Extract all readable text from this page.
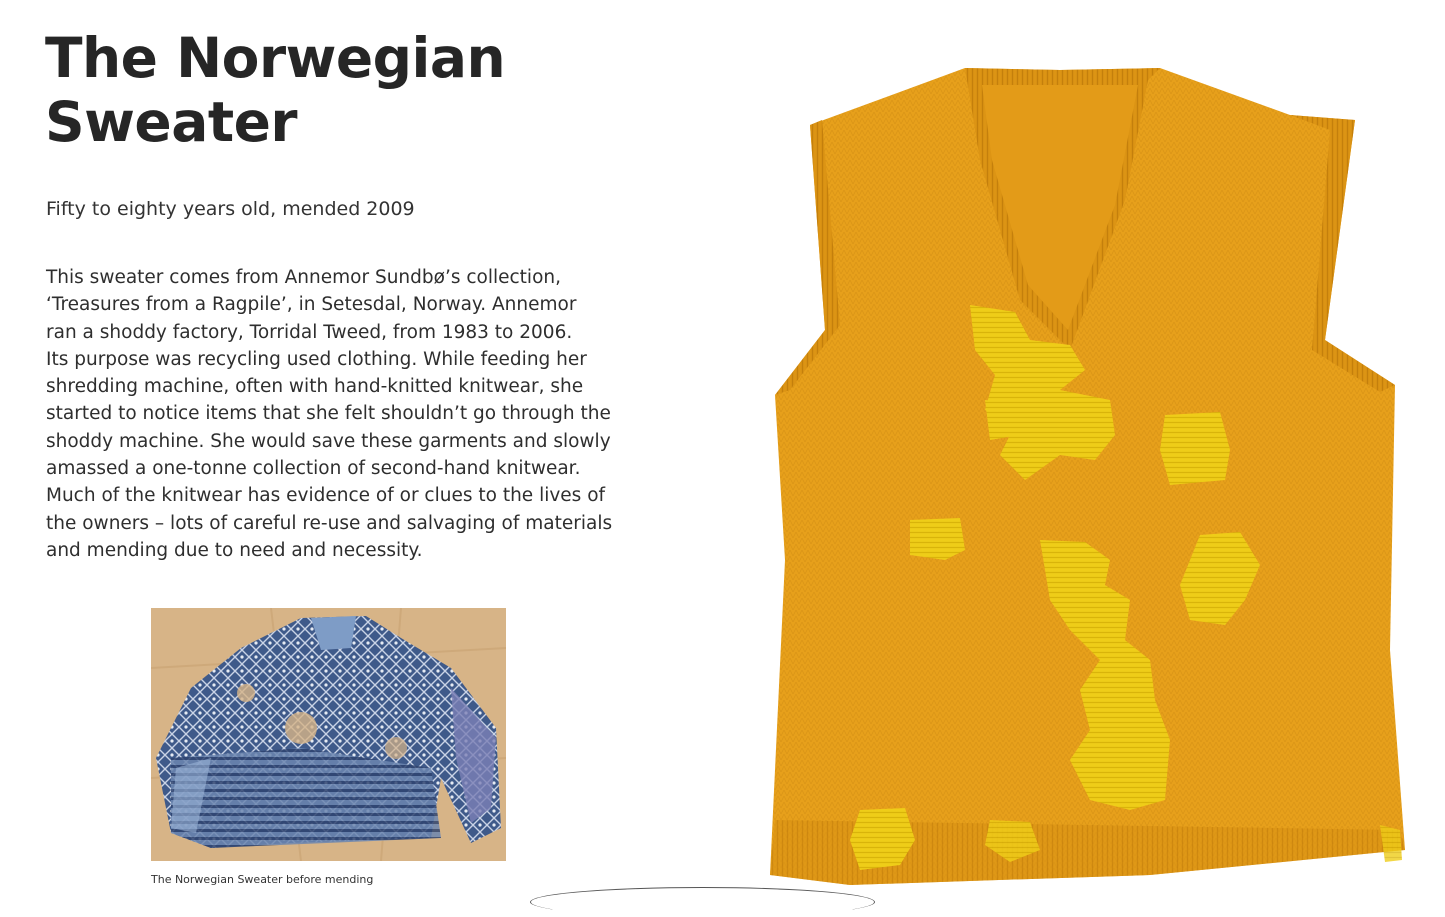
The Norwegian
Sweater
Fifty to eighty years old, mended 2009
This sweater comes from Annemor Sundbø’s collection,
‘Treasures from a Ragpile’, in Setesdal, Norway. Annemor
ran a shoddy factory, Torridal Tweed, from 1983 to 2006.
Its purpose was recycling used clothing. While feeding her
shredding machine, often with hand-knitted knitwear, she
started to notice items that she felt shouldn’t go through the
shoddy machine. She would save these garments and slowly
amassed a one-tonne collection of second-hand knitwear.
Much of the knitwear has evidence of or clues to the lives of
the owners – lots of careful re-use and salvaging of materials
and mending due to need and necessity.
The Norwegian Sweater before mending
